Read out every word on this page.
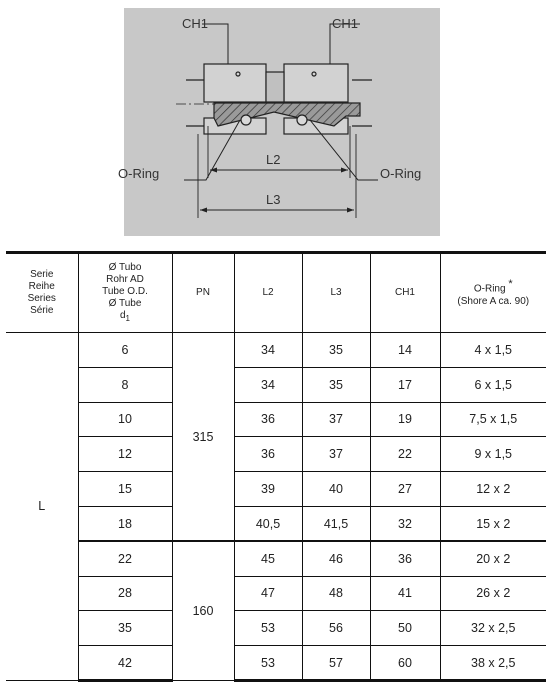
CH1	CH1
O-Ring	O-Ring
L2
L3
Serie
Reihe
Series
Série	Ø Tubo
Rohr AD
Tube O.D.
Ø Tube
$d_1$	PN	L2	L3	CH1	O-Ring *
(Shore A ca. 90)

L	6	315	34	35	14	4 x 1,5
	8		34	35	17	6 x 1,5
	10		36	37	19	7,5 x 1,5
	12		36	37	22	9 x 1,5
	15		39	40	27	12 x 2
	18		40,5	41,5	32	15 x 2
	22	160	45	46	36	20 x 2
	28		47	48	41	26 x 2
	35		53	56	50	32 x 2,5
	42		53	57	60	38 x 2,5
